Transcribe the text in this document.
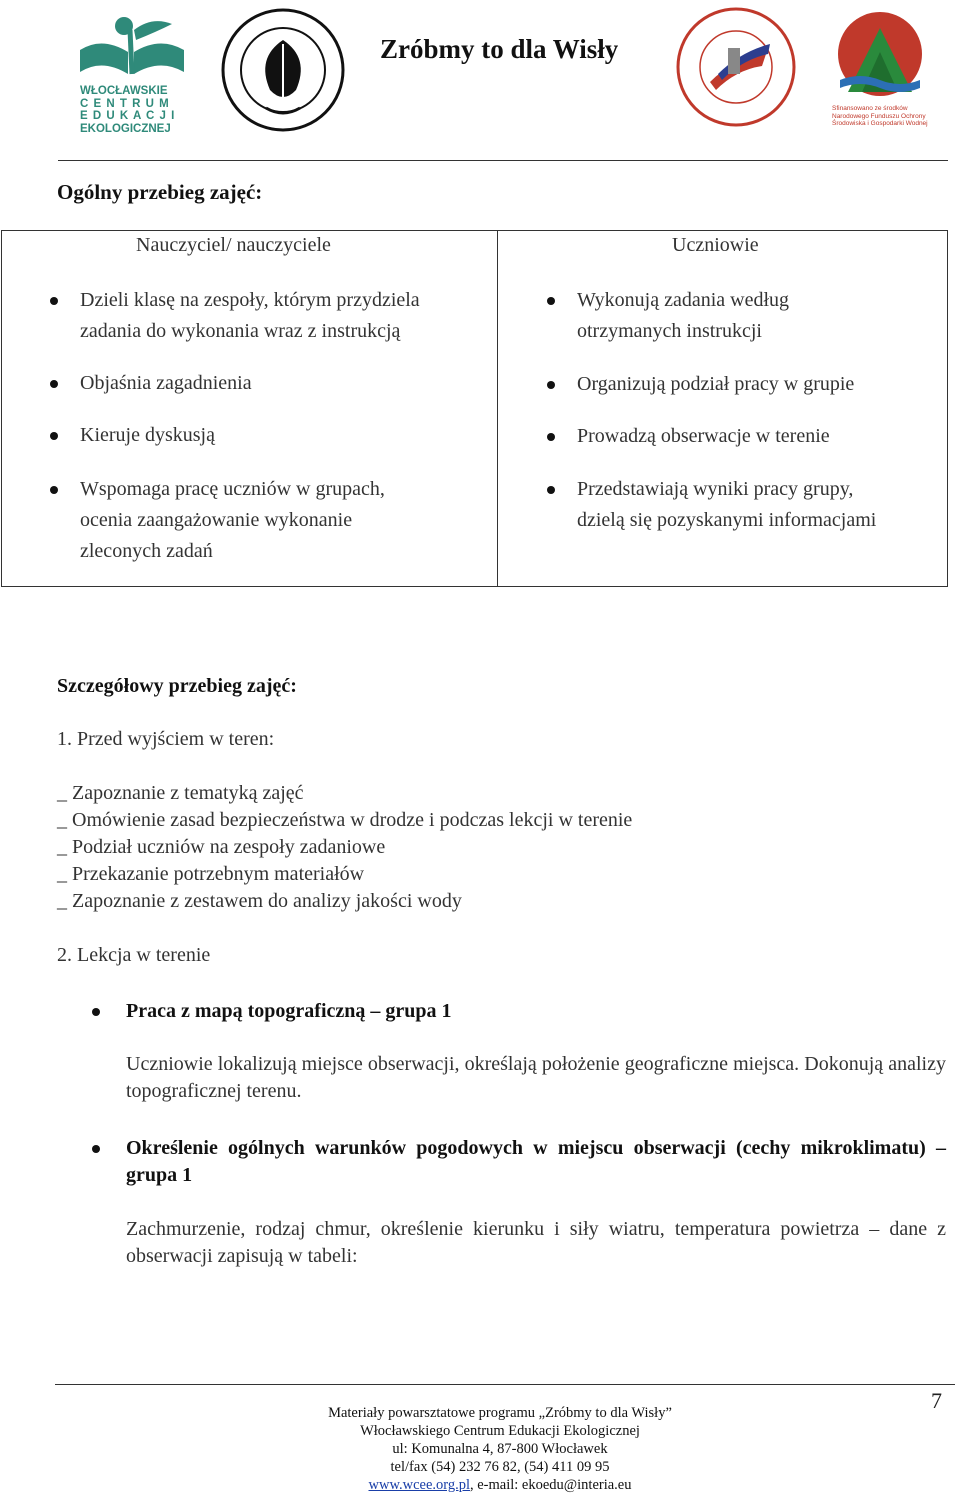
WŁOCŁAWSKIE
C E N T R U M
E D U K A C J I
EKOLOGICZNEJ
Zróbmy to dla Wisły
Sfinansowano ze środków
Narodowego Funduszu Ochrony
Środowiska i Gospodarki Wodnej
Ogólny przebieg zajęć:
Nauczyciel/ nauczyciele
Dzieli klasę na zespoły, którym przydziela
zadania do wykonania wraz z instrukcją
Objaśnia zagadnienia
Kieruje dyskusją
Wspomaga pracę uczniów w grupach,
ocenia zaangażowanie wykonanie
zleconych zadań
Uczniowie
Wykonują zadania według
otrzymanych instrukcji
Organizują podział pracy w grupie
Prowadzą obserwacje w terenie
Przedstawiają wyniki pracy grupy,
dzielą się pozyskanymi informacjami
Szczegółowy przebieg zajęć:
1. Przed wyjściem w teren:
_ Zapoznanie z tematyką zajęć
_ Omówienie zasad bezpieczeństwa w drodze i podczas lekcji w terenie
_ Podział uczniów na zespoły zadaniowe
_ Przekazanie potrzebnym materiałów
_ Zapoznanie z zestawem do analizy jakości wody
2. Lekcja w terenie
Praca z mapą topograficzną – grupa 1
Uczniowie lokalizują miejsce obserwacji, określają położenie geograficzne miejsca. Dokonują analizy topograficznej terenu.
Określenie ogólnych warunków pogodowych w miejscu obserwacji (cechy mikroklimatu) – grupa 1
Zachmurzenie, rodzaj chmur, określenie kierunku i siły wiatru, temperatura powietrza – dane z obserwacji zapisują w tabeli:
7
Materiały powarsztatowe programu „Zróbmy to dla Wisły”
Włocławskiego Centrum Edukacji Ekologicznej
ul: Komunalna 4, 87-800 Włocławek
tel/fax (54) 232 76 82, (54) 411 09 95
www.wcee.org.pl, e-mail: ekoedu@interia.eu
